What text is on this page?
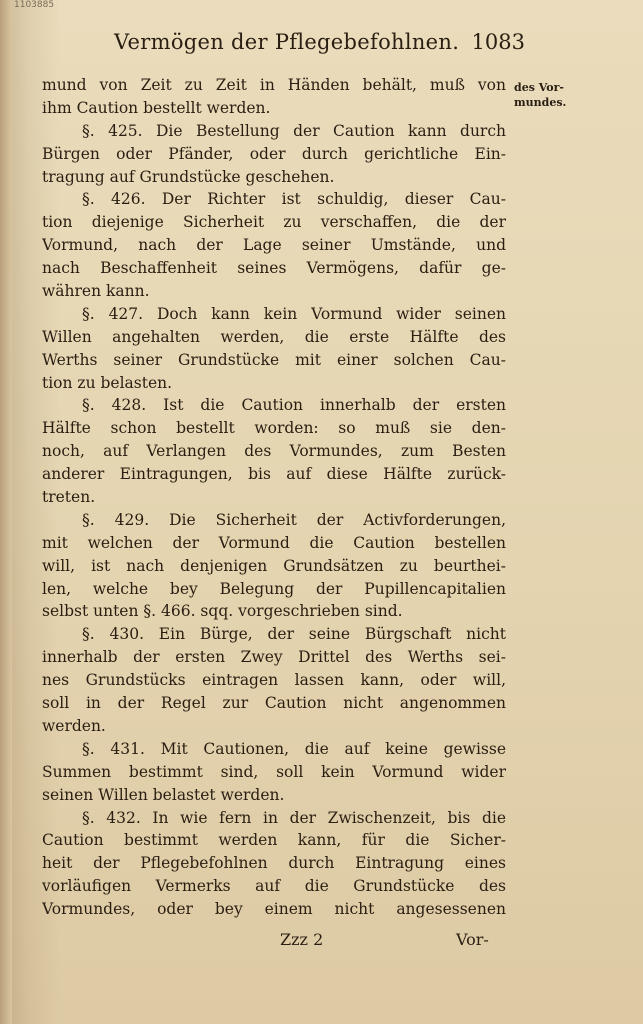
1103885
Vermögen der Pflegebefohlnen. 1083
des Vor-
mundes.
mund von Zeit zu Zeit in Händen behält, muß von
ihm Caution bestellt werden.
§. 425. Die Bestellung der Caution kann durch
Bürgen oder Pfänder, oder durch gerichtliche Ein-
tragung auf Grundstücke geschehen.
§. 426. Der Richter ist schuldig, dieser Cau-
tion diejenige Sicherheit zu verschaffen, die der
Vormund, nach der Lage seiner Umstände, und
nach Beschaffenheit seines Vermögens, dafür ge-
währen kann.
§. 427. Doch kann kein Vormund wider seinen
Willen angehalten werden, die erste Hälfte des
Werths seiner Grundstücke mit einer solchen Cau-
tion zu belasten.
§. 428. Ist die Caution innerhalb der ersten
Hälfte schon bestellt worden: so muß sie den-
noch, auf Verlangen des Vormundes, zum Besten
anderer Eintragungen, bis auf diese Hälfte zurück-
treten.
§. 429. Die Sicherheit der Activforderungen,
mit welchen der Vormund die Caution bestellen
will, ist nach denjenigen Grundsätzen zu beurthei-
len, welche bey Belegung der Pupillencapitalien
selbst unten §. 466. sqq. vorgeschrieben sind.
§. 430. Ein Bürge, der seine Bürgschaft nicht
innerhalb der ersten Zwey Drittel des Werths sei-
nes Grundstücks eintragen lassen kann, oder will,
soll in der Regel zur Caution nicht angenommen
werden.
§. 431. Mit Cautionen, die auf keine gewisse
Summen bestimmt sind, soll kein Vormund wider
seinen Willen belastet werden.
§. 432. In wie fern in der Zwischenzeit, bis die
Caution bestimmt werden kann, für die Sicher-
heit der Pflegebefohlnen durch Eintragung eines
vorläufigen Vermerks auf die Grundstücke des
Vormundes, oder bey einem nicht angesessenen
Zzz 2	Vor-
